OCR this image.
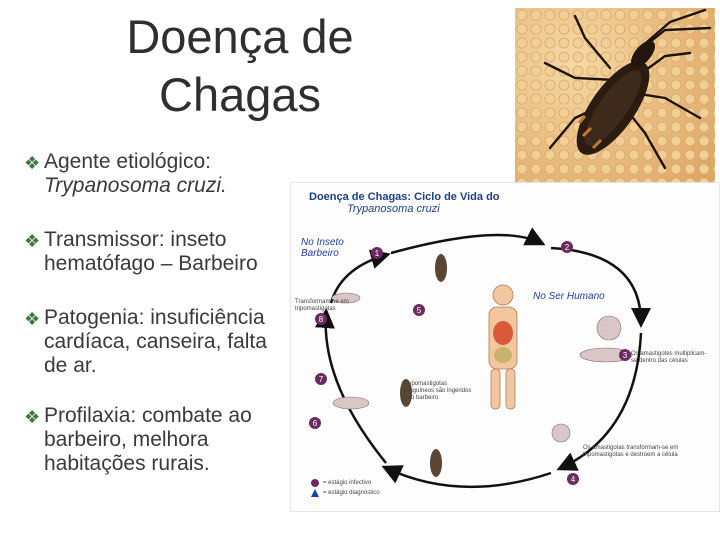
Doença de
Chagas
❖ Agente etiológico:
Trypanosoma cruzi.
❖ Transmissor: inseto
hematófago – Barbeiro
❖ Patogenia: insuficiência
cardíaca, canseira, falta
de ar.
❖ Profilaxia: combate ao
barbeiro, melhora
habitações rurais.
Doença de Chagas: Ciclo de Vida do
Trypanosoma cruzi
1
2
3
4
5
6
7
8
No Inseto Barbeiro
No Ser Humano
Trypomastigotas sanguíneos são ingeridos pelo barbeiro
Os amastigotes multiplicam-se dentro das células
Os amastigotas transformam-se em tripomastigotas e destroem a célula
Transformam-se em tripomastigotas
= estágio infectivo
= estágio diagnóstico
